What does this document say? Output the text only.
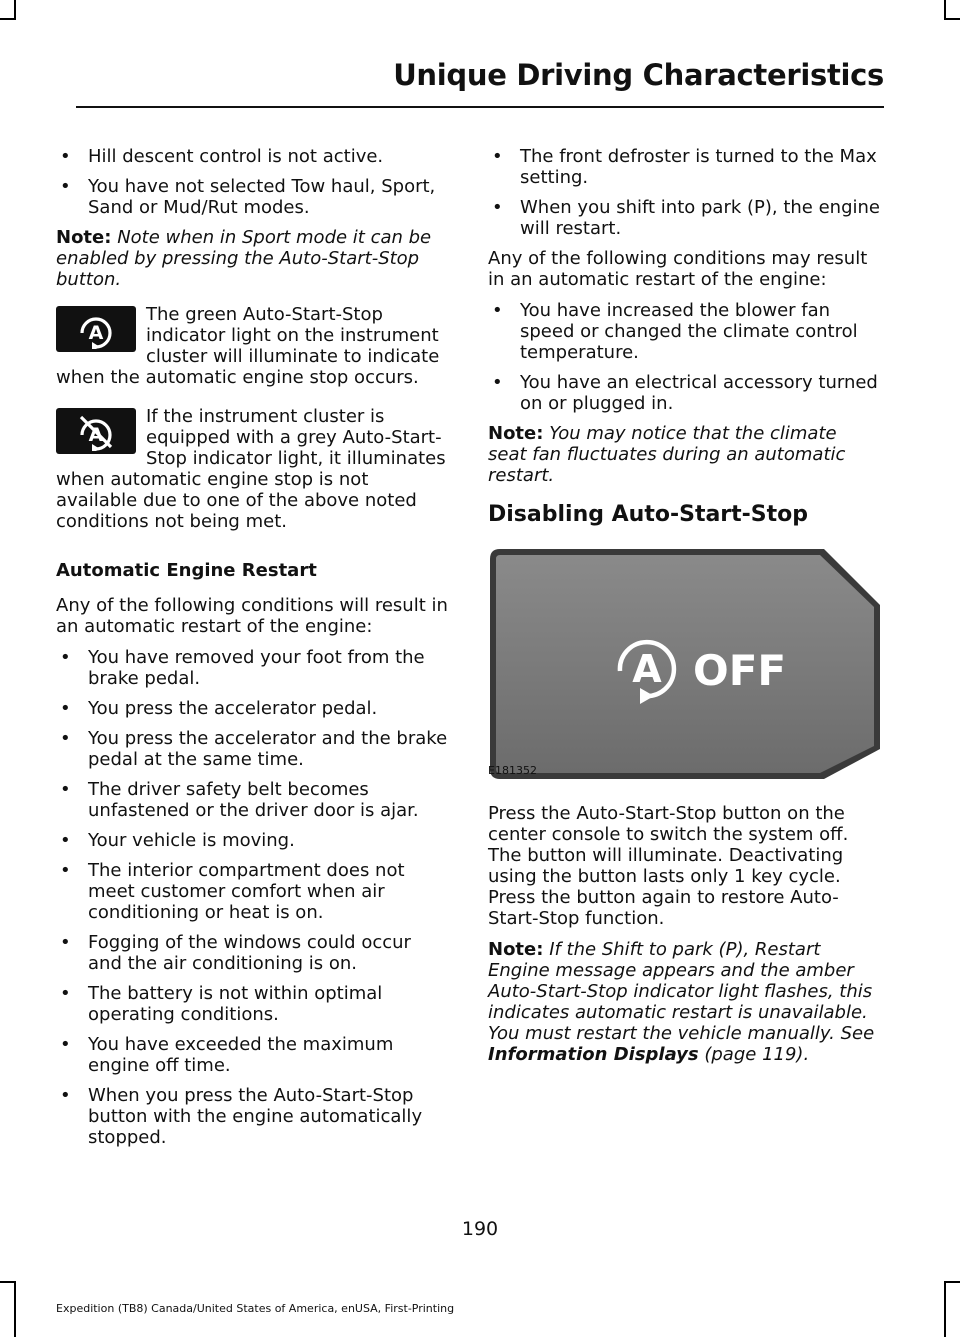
Unique Driving Characteristics
• Hill descent control is not active.
• You have not selected Tow haul, Sport, Sand or Mud/Rut modes.
Note: Note when in Sport mode it can be enabled by pressing the Auto-Start-Stop button.
A
The green Auto-Start-Stop indicator light on the instrument cluster will illuminate to indicate when the automatic engine stop occurs.
A
If the instrument cluster is equipped with a grey Auto-Start-Stop indicator light, it illuminates when automatic engine stop is not available due to one of the above noted conditions not being met.
Automatic Engine Restart
Any of the following conditions will result in an automatic restart of the engine:
• You have removed your foot from the brake pedal.
• You press the accelerator pedal.
• You press the accelerator and the brake pedal at the same time.
• The driver safety belt becomes unfastened or the driver door is ajar.
• Your vehicle is moving.
• The interior compartment does not meet customer comfort when air conditioning or heat is on.
• Fogging of the windows could occur and the air conditioning is on.
• The battery is not within optimal operating conditions.
• You have exceeded the maximum engine off time.
• When you press the Auto-Start-Stop button with the engine automatically stopped.
• The front defroster is turned to the Max setting.
• When you shift into park (P), the engine will restart.
Any of the following conditions may result in an automatic restart of the engine:
• You have increased the blower fan speed or changed the climate control temperature.
• You have an electrical accessory turned on or plugged in.
Note: You may notice that the climate seat fan fluctuates during an automatic restart.
Disabling Auto-Start-Stop
A OFF
E181352
Press the Auto-Start-Stop button on the center console to switch the system off. The button will illuminate. Deactivating using the button lasts only 1 key cycle. Press the button again to restore Auto-Start-Stop function.
Note: If the Shift to park (P), Restart Engine message appears and the amber Auto-Start-Stop indicator light flashes, this indicates automatic restart is unavailable. You must restart the vehicle manually. See Information Displays (page 119).
190
Expedition (TB8) Canada/United States of America, enUSA, First-Printing
